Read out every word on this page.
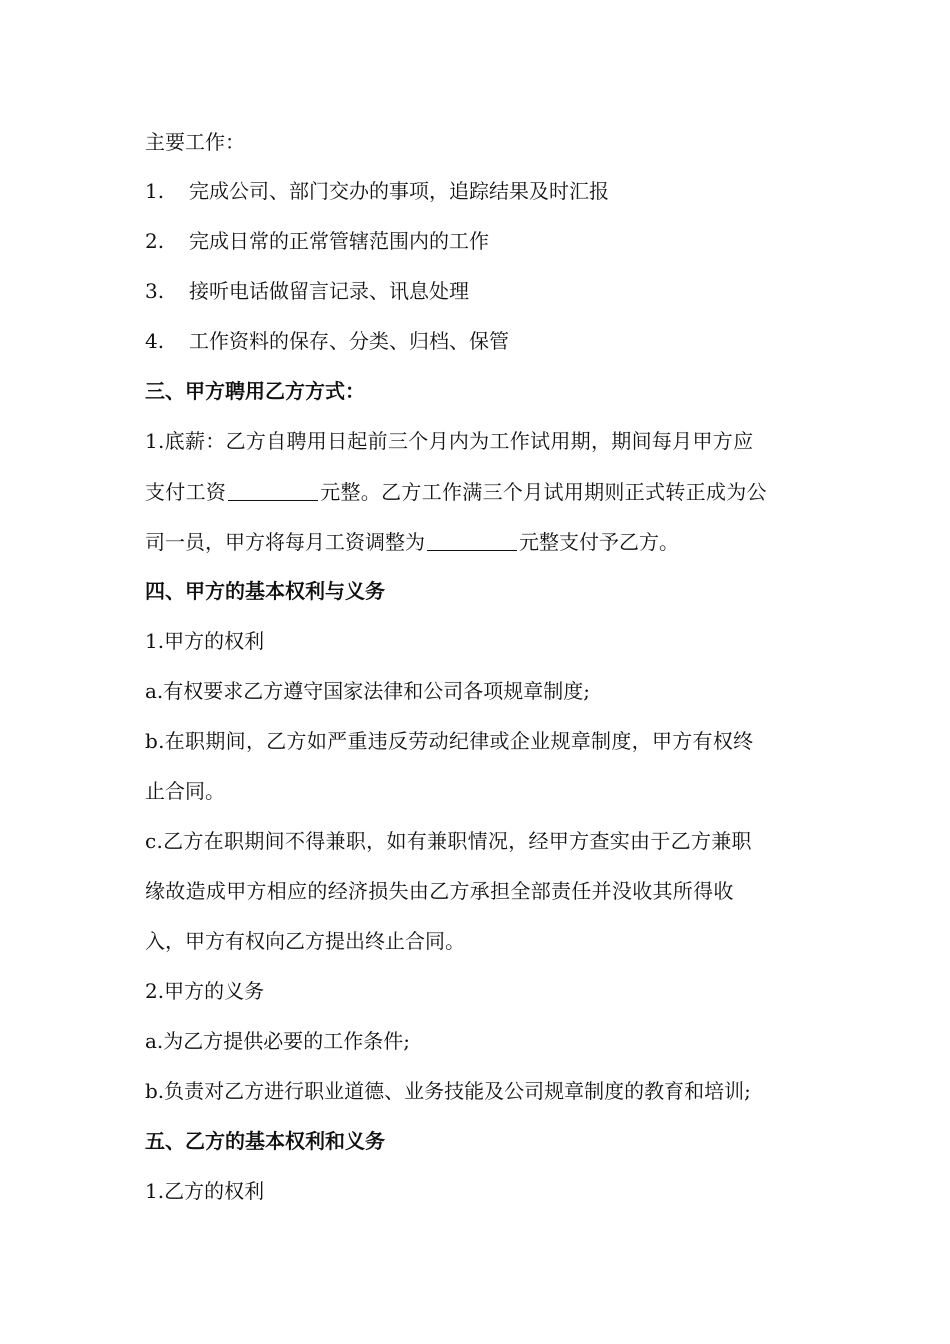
主要工作：
1. 完成公司、部门交办的事项，追踪结果及时汇报
2. 完成日常的正常管辖范围内的工作
3. 接听电话做留言记录、讯息处理
4. 工作资料的保存、分类、归档、保管
三、甲方聘用乙方方式：
1.底薪：乙方自聘用日起前三个月内为工作试用期，期间每月甲方应
支付工资	元整。乙方工作满三个月试用期则正式转正成为公
司一员，甲方将每月工资调整为	元整支付予乙方。
四、甲方的基本权利与义务
1.甲方的权利
a.有权要求乙方遵守国家法律和公司各项规章制度;
b.在职期间，乙方如严重违反劳动纪律或企业规章制度，甲方有权终
止合同。
c.乙方在职期间不得兼职，如有兼职情况，经甲方查实由于乙方兼职
缘故造成甲方相应的经济损失由乙方承担全部责任并没收其所得收
入，甲方有权向乙方提出终止合同。
2.甲方的义务
a.为乙方提供必要的工作条件;
b.负责对乙方进行职业道德、业务技能及公司规章制度的教育和培训;
五、乙方的基本权利和义务
1.乙方的权利
